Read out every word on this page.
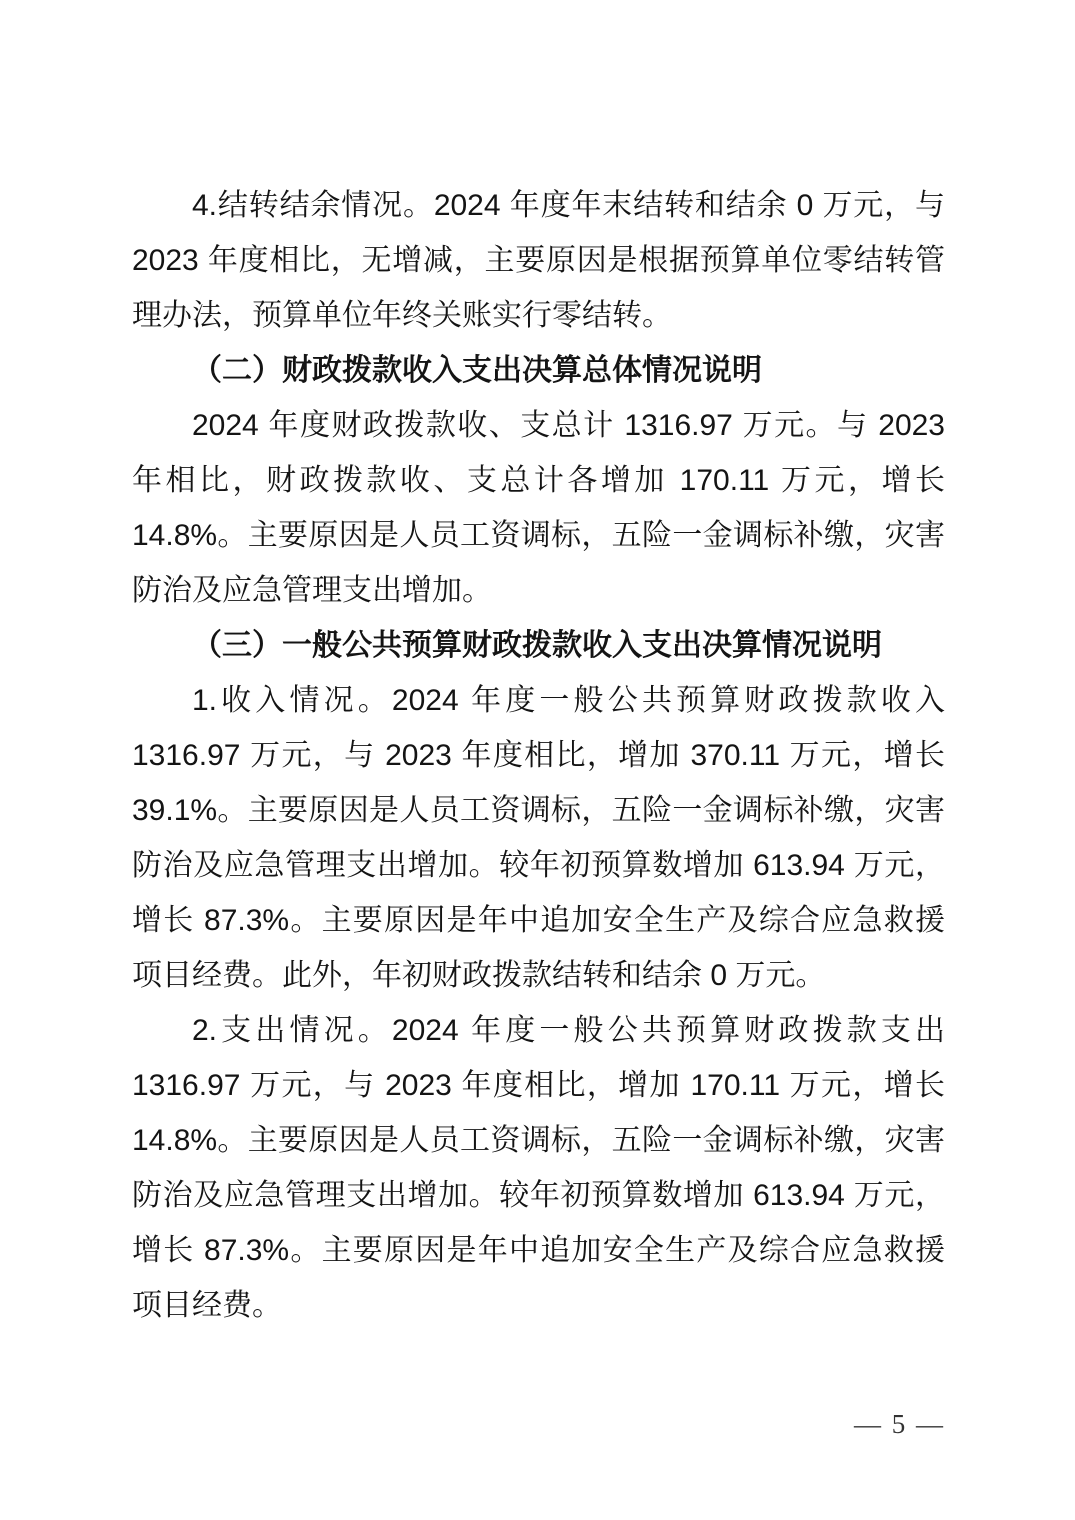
4.结转结余情况。2024 年度年末结转和结余 0 万元，与 2023 年度相比，无增减，主要原因是根据预算单位零结转管理办法，预算单位年终关账实行零结转。

（二）财政拨款收入支出决算总体情况说明

2024 年度财政拨款收、支总计 1316.97 万元。与 2023 年相比，财政拨款收、支总计各增加 170.11 万元，增长 14.8%。主要原因是人员工资调标，五险一金调标补缴，灾害防治及应急管理支出增加。

（三）一般公共预算财政拨款收入支出决算情况说明

1.收入情况。2024 年度一般公共预算财政拨款收入 1316.97 万元，与 2023 年度相比，增加 370.11 万元，增长 39.1%。主要原因是人员工资调标，五险一金调标补缴，灾害防治及应急管理支出增加。较年初预算数增加 613.94 万元，增长 87.3%。主要原因是年中追加安全生产及综合应急救援项目经费。此外，年初财政拨款结转和结余 0 万元。

2.支出情况。2024 年度一般公共预算财政拨款支出 1316.97 万元，与 2023 年度相比，增加 170.11 万元，增长 14.8%。主要原因是人员工资调标，五险一金调标补缴，灾害防治及应急管理支出增加。较年初预算数增加 613.94 万元，增长 87.3%。主要原因是年中追加安全生产及综合应急救援项目经费。

— 5 —
